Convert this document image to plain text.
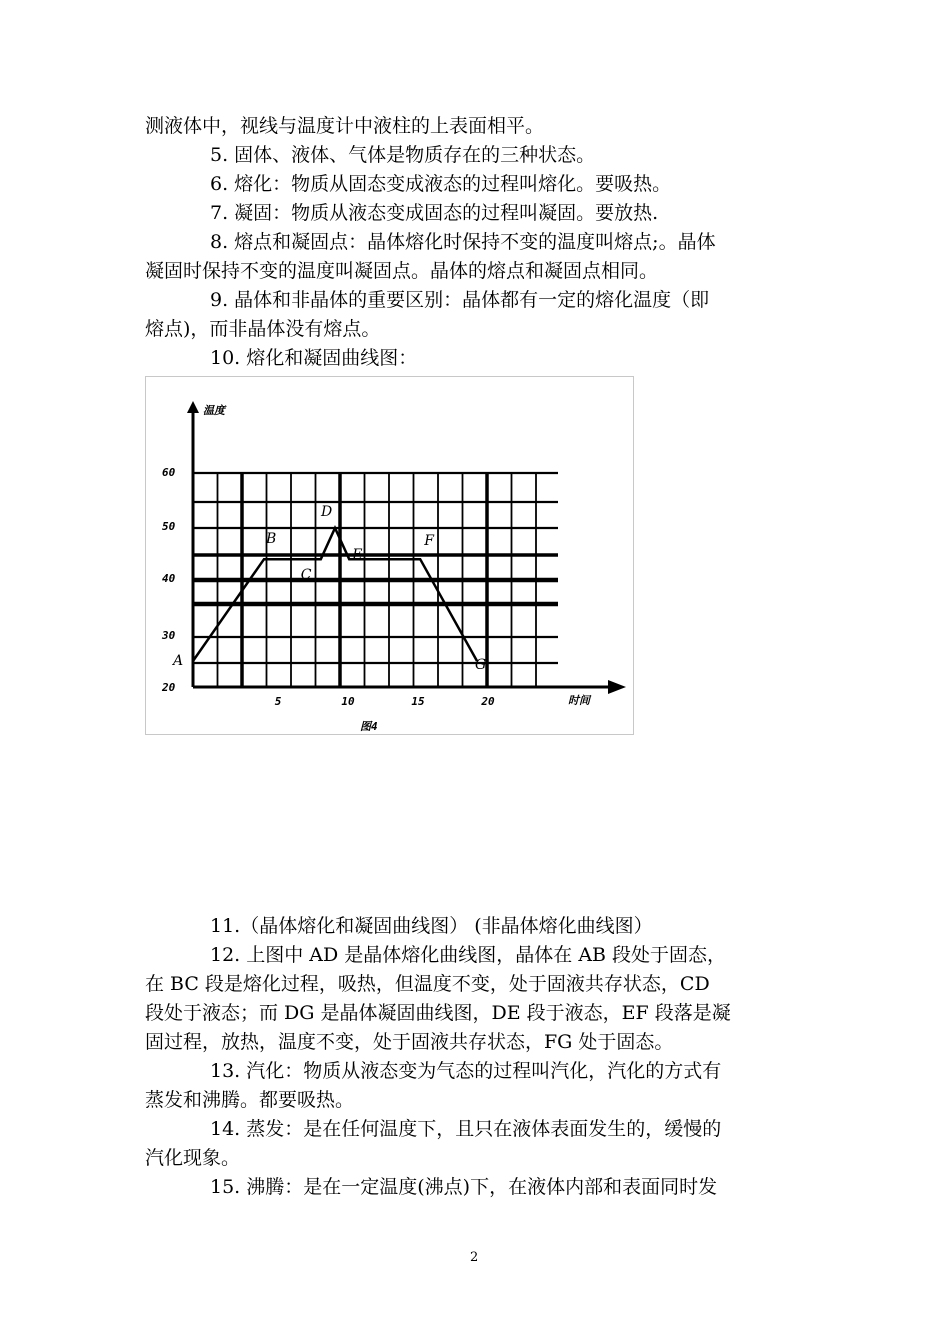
测液体中，视线与温度计中液柱的上表面相平。
5. 固体、液体、气体是物质存在的三种状态。
6. 熔化：物质从固态变成液态的过程叫熔化。要吸热。
7. 凝固：物质从液态变成固态的过程叫凝固。要放热.
8. 熔点和凝固点：晶体熔化时保持不变的温度叫熔点;。晶体
凝固时保持不变的温度叫凝固点。晶体的熔点和凝固点相同。
9. 晶体和非晶体的重要区别：晶体都有一定的熔化温度（即
熔点)，而非晶体没有熔点。
10. 熔化和凝固曲线图：
温度
时间
图4
20
30
40
50
60
5	10	15	20
A
B
C
D
E
F
G
11.（晶体熔化和凝固曲线图） (非晶体熔化曲线图）
12. 上图中 AD 是晶体熔化曲线图，晶体在 AB 段处于固态，
在 BC 段是熔化过程，吸热，但温度不变，处于固液共存状态，CD
段处于液态；而 DG 是晶体凝固曲线图，DE 段于液态，EF 段落是凝
固过程，放热，温度不变，处于固液共存状态，FG 处于固态。
13. 汽化：物质从液态变为气态的过程叫汽化，汽化的方式有
蒸发和沸腾。都要吸热。
14. 蒸发：是在任何温度下，且只在液体表面发生的，缓慢的
汽化现象。
15. 沸腾：是在一定温度(沸点)下，在液体内部和表面同时发
2
